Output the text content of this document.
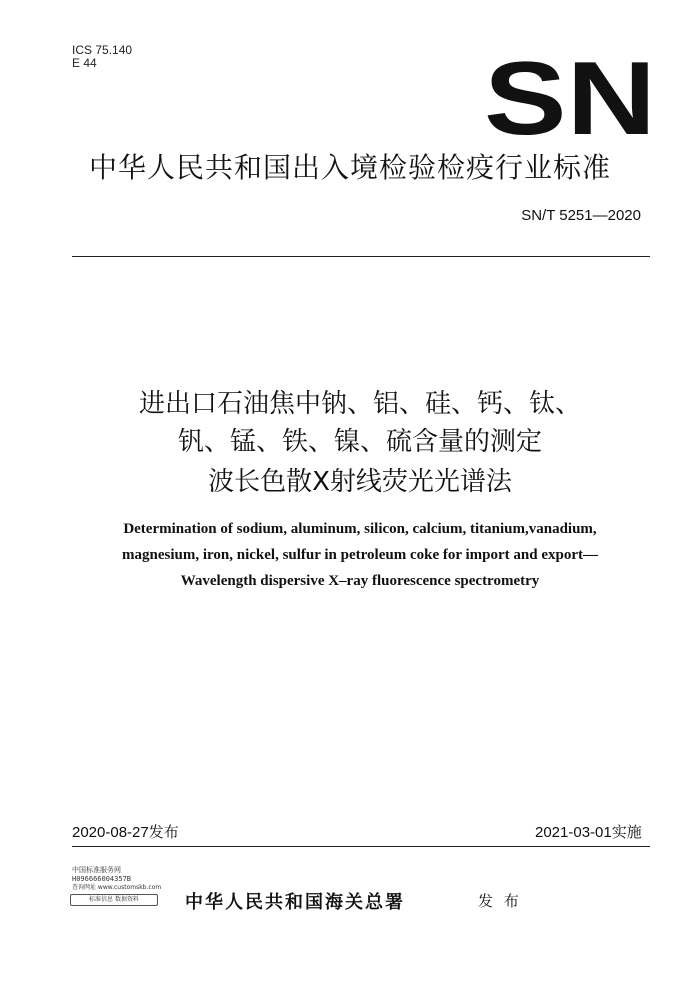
ICS 75.140
E 44	SN
中华人民共和国出入境检验检疫行业标准
SN/T 5251—2020
进出口石油焦中钠、铝、硅、钙、钛、
钒、锰、铁、镍、硫含量的测定
波长色散X射线荧光光谱法
Determination of sodium, aluminum, silicon, calcium, titanium,vanadium,
magnesium, iron, nickel, sulfur in petroleum coke for import and export—
Wavelength dispersive X–ray fluorescence spectrometry
2020-08-27发布	2021-03-01实施
中国标准服务网
H096666004357B
查询网址 www.customskb.com
标准信息 数据资料	中华人民共和国海关总署	发 布
